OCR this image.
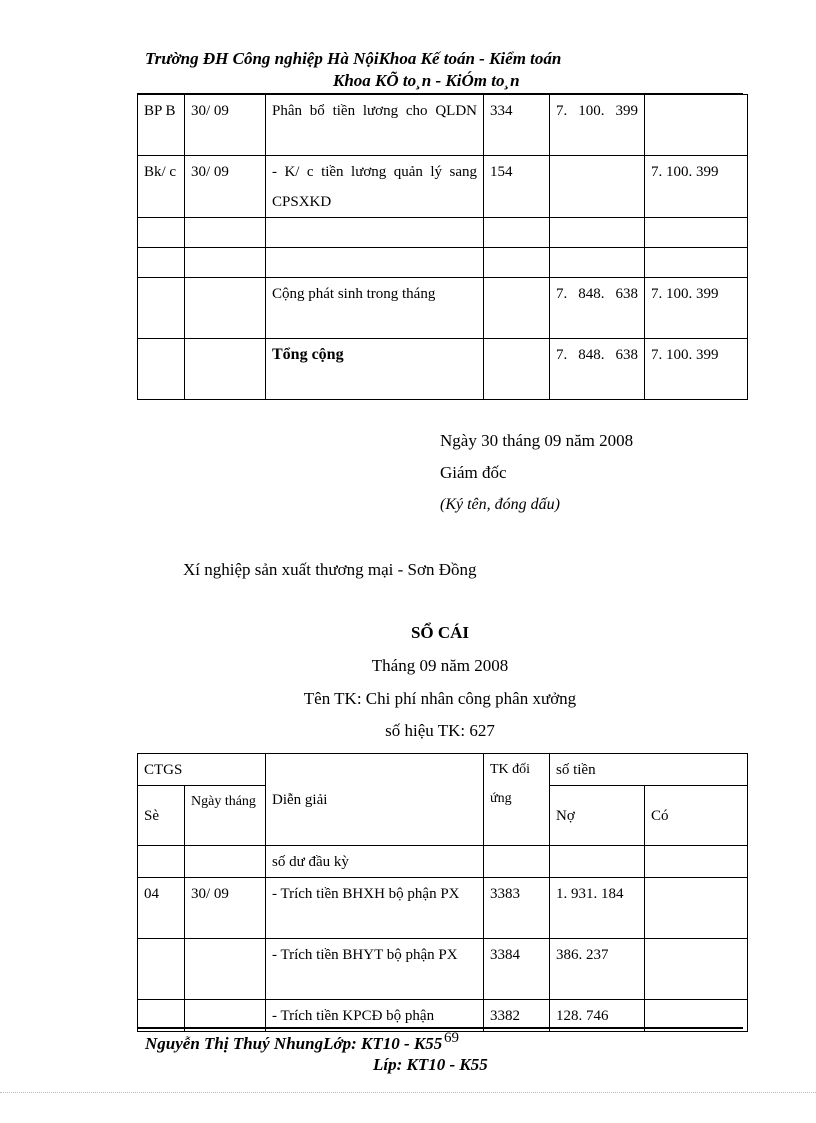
Trường ĐH Công nghiệp Hà NộiKhoa Kế toán - Kiểm toán
Khoa KÕ to¸n - KiÓm to¸n
BP B	30/ 09	Phân bổ tiền lương cho QLDN	334	7. 100. 399	
Bk/ c	30/ 09	- K/ c tiền lương quản lý sang CPSXKD	154		7. 100. 399

		Cộng phát sinh trong tháng		7. 848. 638	7. 100. 399
		Tổng cộng		7. 848. 638	7. 100. 399
Ngày 30 tháng 09 năm 2008
Giám đốc
(Ký tên, đóng dấu)
Xí nghiệp sản xuất thương mại - Sơn Đồng
SỔ CÁI
Tháng 09 năm 2008
Tên TK: Chi phí nhân công phân xưởng
số hiệu TK: 627
CTGS		Diễn giải	TK đối ứng	số tiền	
Sè	Ngày tháng			Nợ	Có
		số dư đầu kỳ			
04	30/ 09	- Trích tiền BHXH bộ phận PX	3383	1. 931. 184	
		- Trích tiền BHYT bộ phận PX	3384	386. 237	
		- Trích tiền KPCĐ bộ phận	3382	128. 746	
Nguyễn Thị Thuý NhungLớp: KT10 - K55 69
Líp: KT10 - K55
